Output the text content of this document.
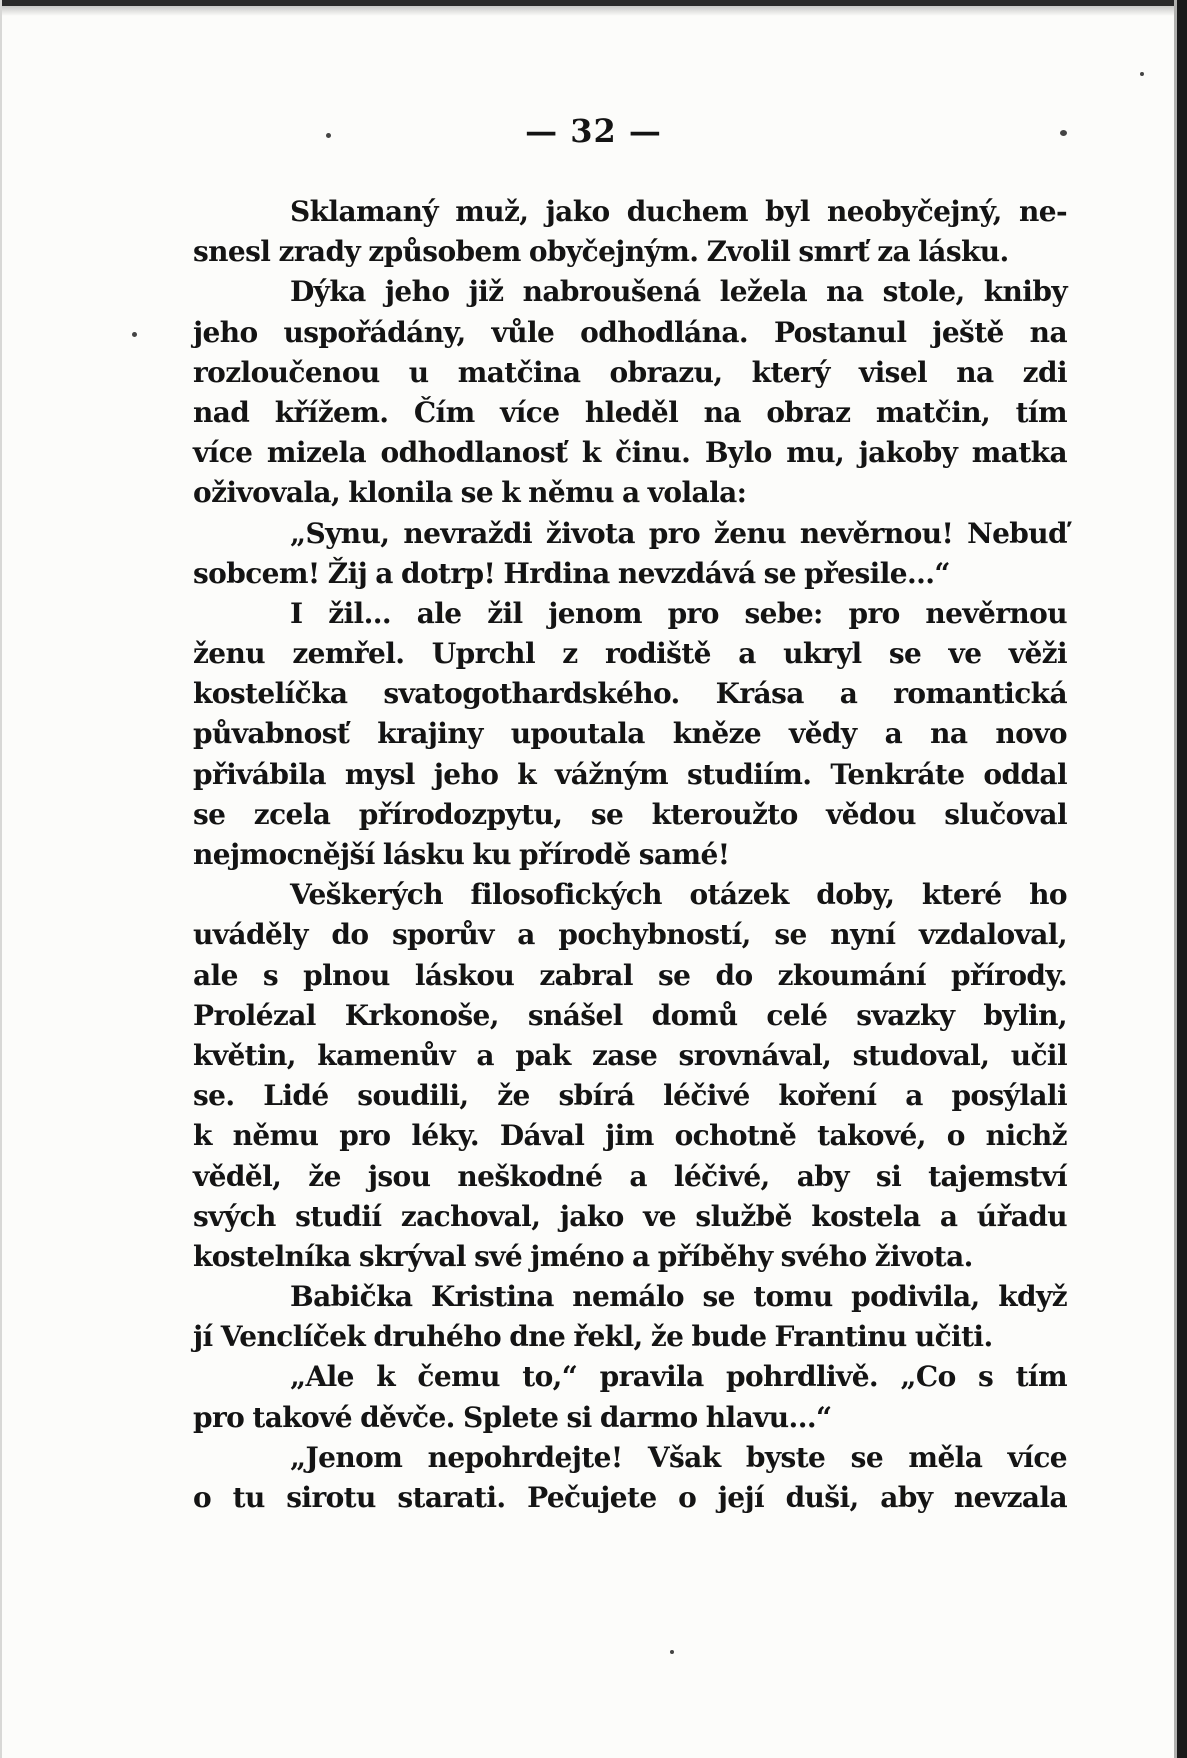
— 32 —
Sklamaný muž, jako duchem byl neobyčejný, ne-
snesl zrady způsobem obyčejným. Zvolil smrť za lásku.
Dýka jeho již nabroušená ležela na stole, kniby
jeho uspořádány, vůle odhodlána. Postanul ještě na
rozloučenou u matčina obrazu, který visel na zdi
nad křížem. Čím více hleděl na obraz matčin, tím
více mizela odhodlanosť k činu. Bylo mu, jakoby matka
oživovala, klonila se k němu a volala:
„Synu, nevraždi života pro ženu nevěrnou! Nebuď
sobcem! Žij a dotrp! Hrdina nevzdává se přesile...“
I žil... ale žil jenom pro sebe: pro nevěrnou
ženu zemřel. Uprchl z rodiště a ukryl se ve věži
kostelíčka svatogothardského. Krása a romantická
půvabnosť krajiny upoutala kněze vědy a na novo
přivábila mysl jeho k vážným studiím. Tenkráte oddal
se zcela přírodozpytu, se kteroužto vědou slučoval
nejmocnější lásku ku přírodě samé!
Veškerých filosofických otázek doby, které ho
uváděly do sporův a pochybností, se nyní vzdaloval,
ale s plnou láskou zabral se do zkoumání přírody.
Prolézal Krkonoše, snášel domů celé svazky bylin,
květin, kamenův a pak zase srovnával, studoval, učil
se. Lidé soudili, že sbírá léčivé koření a posýlali
k němu pro léky. Dával jim ochotně takové, o nichž
věděl, že jsou neškodné a léčivé, aby si tajemství
svých studií zachoval, jako ve službě kostela a úřadu
kostelníka skrýval své jméno a příběhy svého života.
Babička Kristina nemálo se tomu podivila, když
jí Venclíček druhého dne řekl, že bude Frantinu učiti.
„Ale k čemu to,“ pravila pohrdlivě. „Co s tím
pro takové děvče. Splete si darmo hlavu...“
„Jenom nepohrdejte! Však byste se měla více
o tu sirotu starati. Pečujete o její duši, aby nevzala
